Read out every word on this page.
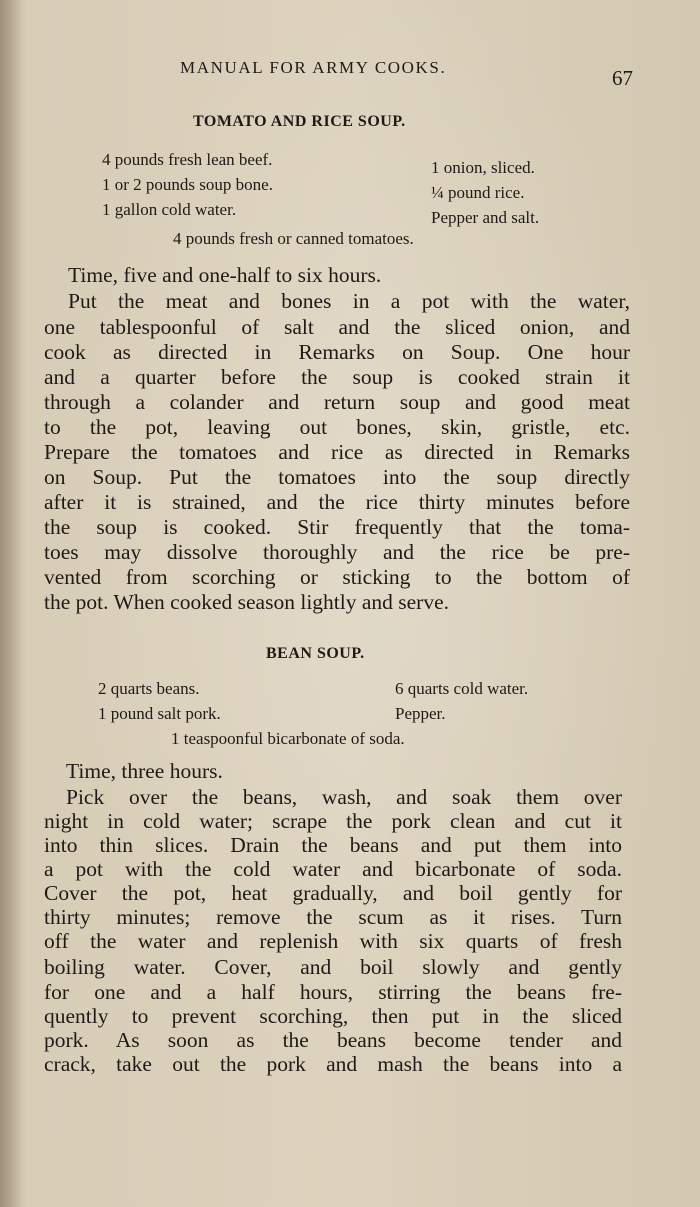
MANUAL FOR ARMY COOKS.	67
TOMATO AND RICE SOUP.
4 pounds fresh lean beef.
1 or 2 pounds soup bone.
1 gallon cold water.
1 onion, sliced.
¼ pound rice.
Pepper and salt.
4 pounds fresh or canned tomatoes.
Time, five and one-half to six hours.
Put the meat and bones in a pot with the water,
one tablespoonful of salt and the sliced onion, and
cook as directed in Remarks on Soup. One hour
and a quarter before the soup is cooked strain it
through a colander and return soup and good meat
to the pot, leaving out bones, skin, gristle, etc.
Prepare the tomatoes and rice as directed in Remarks
on Soup. Put the tomatoes into the soup directly
after it is strained, and the rice thirty minutes before
the soup is cooked. Stir frequently that the toma-
toes may dissolve thoroughly and the rice be pre-
vented from scorching or sticking to the bottom of
the pot. When cooked season lightly and serve.
BEAN SOUP.
2 quarts beans.
1 pound salt pork.
6 quarts cold water.
Pepper.
1 teaspoonful bicarbonate of soda.
Time, three hours.
Pick over the beans, wash, and soak them over
night in cold water; scrape the pork clean and cut it
into thin slices. Drain the beans and put them into
a pot with the cold water and bicarbonate of soda.
Cover the pot, heat gradually, and boil gently for
thirty minutes; remove the scum as it rises. Turn
off the water and replenish with six quarts of fresh
boiling water. Cover, and boil slowly and gently
for one and a half hours, stirring the beans fre-
quently to prevent scorching, then put in the sliced
pork. As soon as the beans become tender and
crack, take out the pork and mash the beans into a
